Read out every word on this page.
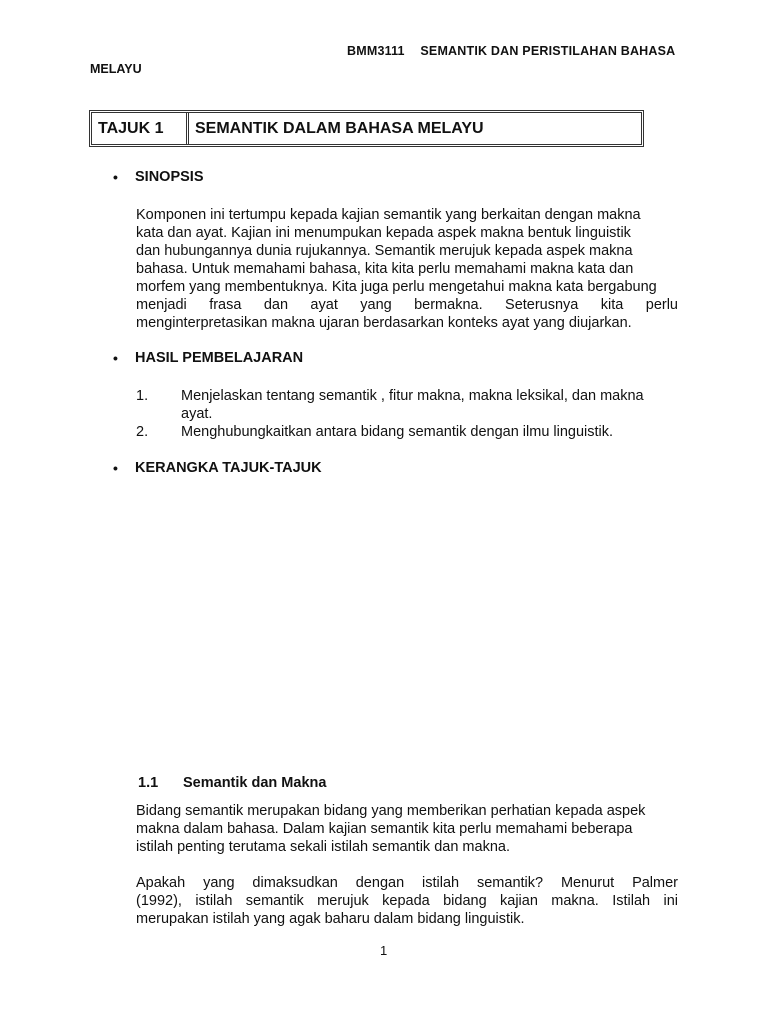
BMM3111 SEMANTIK DAN PERISTILAHAN BAHASA
MELAYU
TAJUK 1	SEMANTIK DALAM BAHASA MELAYU
•	SINOPSIS
Komponen ini tertumpu kepada kajian semantik yang berkaitan dengan makna
kata dan ayat. Kajian ini menumpukan kepada aspek makna bentuk linguistik
dan hubungannya dunia rujukannya. Semantik merujuk kepada aspek makna
bahasa. Untuk memahami bahasa, kita kita perlu memahami makna kata dan
morfem yang membentuknya. Kita juga perlu mengetahui makna kata bergabung
menjadi frasa dan ayat yang bermakna. Seterusnya kita perlu
menginterpretasikan makna ujaran berdasarkan konteks ayat yang diujarkan.
•	HASIL PEMBELAJARAN
1.	Menjelaskan tentang semantik , fitur makna, makna leksikal, dan makna ayat.
2.	Menghubungkaitkan antara bidang semantik dengan ilmu linguistik.
•	KERANGKA TAJUK-TAJUK
1.1	Semantik dan Makna
Bidang semantik merupakan bidang yang memberikan perhatian kepada aspek
makna dalam bahasa. Dalam kajian semantik kita perlu memahami beberapa
istilah penting terutama sekali istilah semantik dan makna.
Apakah yang dimaksudkan dengan istilah semantik? Menurut Palmer
(1992), istilah semantik merujuk kepada bidang kajian makna. Istilah ini
merupakan istilah yang agak baharu dalam bidang linguistik.
1
